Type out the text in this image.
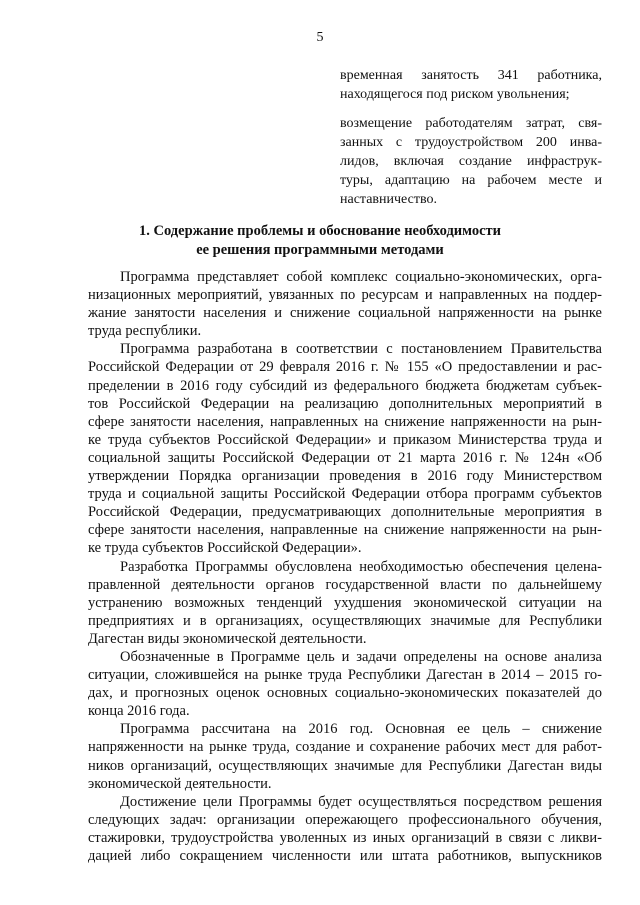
5
временная занятость 341 работника,
находящегося под риском увольнения;
возмещение работодателям затрат, свя-
занных с трудоустройством 200 инва-
лидов, включая создание инфраструк-
туры, адаптацию на рабочем месте и
наставничество.
1. Содержание проблемы и обоснование необходимости
ее решения программными методами
Программа представляет собой комплекс социально-экономических, орга-
низационных мероприятий, увязанных по ресурсам и направленных на поддер-
жание занятости населения и снижение социальной напряженности на рынке
труда республики.
Программа разработана в соответствии с постановлением Правительства
Российской Федерации от 29 февраля 2016 г. № 155 «О предоставлении и рас-
пределении в 2016 году субсидий из федерального бюджета бюджетам субъек-
тов Российской Федерации на реализацию дополнительных мероприятий в
сфере занятости населения, направленных на снижение напряженности на рын-
ке труда субъектов Российской Федерации» и приказом Министерства труда и
социальной защиты Российской Федерации от 21 марта 2016 г. № 124н «Об
утверждении Порядка организации проведения в 2016 году Министерством
труда и социальной защиты Российской Федерации отбора программ субъектов
Российской Федерации, предусматривающих дополнительные мероприятия в
сфере занятости населения, направленные на снижение напряженности на рын-
ке труда субъектов Российской Федерации».
Разработка Программы обусловлена необходимостью обеспечения целена-
правленной деятельности органов государственной власти по дальнейшему
устранению возможных тенденций ухудшения экономической ситуации на
предприятиях и в организациях, осуществляющих значимые для Республики
Дагестан виды экономической деятельности.
Обозначенные в Программе цель и задачи определены на основе анализа
ситуации, сложившейся на рынке труда Республики Дагестан в 2014 – 2015 го-
дах, и прогнозных оценок основных социально-экономических показателей до
конца 2016 года.
Программа рассчитана на 2016 год. Основная ее цель – снижение
напряженности на рынке труда, создание и сохранение рабочих мест для работ-
ников организаций, осуществляющих значимые для Республики Дагестан виды
экономической деятельности.
Достижение цели Программы будет осуществляться посредством решения
следующих задач: организации опережающего профессионального обучения,
стажировки, трудоустройства уволенных из иных организаций в связи с ликви-
дацией либо сокращением численности или штата работников, выпускников
